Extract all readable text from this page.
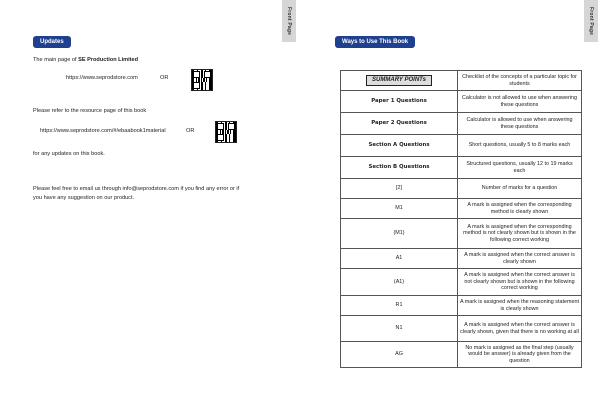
Front Page
Updates
The main page of SE Production Limited
https://www.seprodstore.com	OR
Please refer to the resource page of this book
https://www.seprodstore.com/#/ebaabook1material	OR
for any updates on this book.
Please feel free to email us through info@seprodstore.com if you find any error or if
you have any suggestion on our product.
Front Page
Ways to Use This Book
SUMMARY POINTs	Checklist of the concepts of a particular topic for students
Paper 1 Questions	Calculator is not allowed to use when answering these questions
Paper 2 Questions	Calculator is allowed to use when answering these questions
Section A Questions	Short questions, usually 5 to 8 marks each
Section B Questions	Structured questions, usually 12 to 19 marks each
[2]	Number of marks for a question
M1	A mark is assigned when the corresponding method is clearly shown
(M1)	A mark is assigned when the corresponding method is not clearly shown but is shown in the following correct working
A1	A mark is assigned when the correct answer is clearly shown
(A1)	A mark is assigned when the correct answer is not clearly shown but is shown in the following correct working
R1	A mark is assigned when the reasoning statement is clearly shown
N1	A mark is assigned when the correct answer is clearly shown, given that there is no working at all
AG	No mark is assigned as the final step (usually would be answer) is already given from the question
